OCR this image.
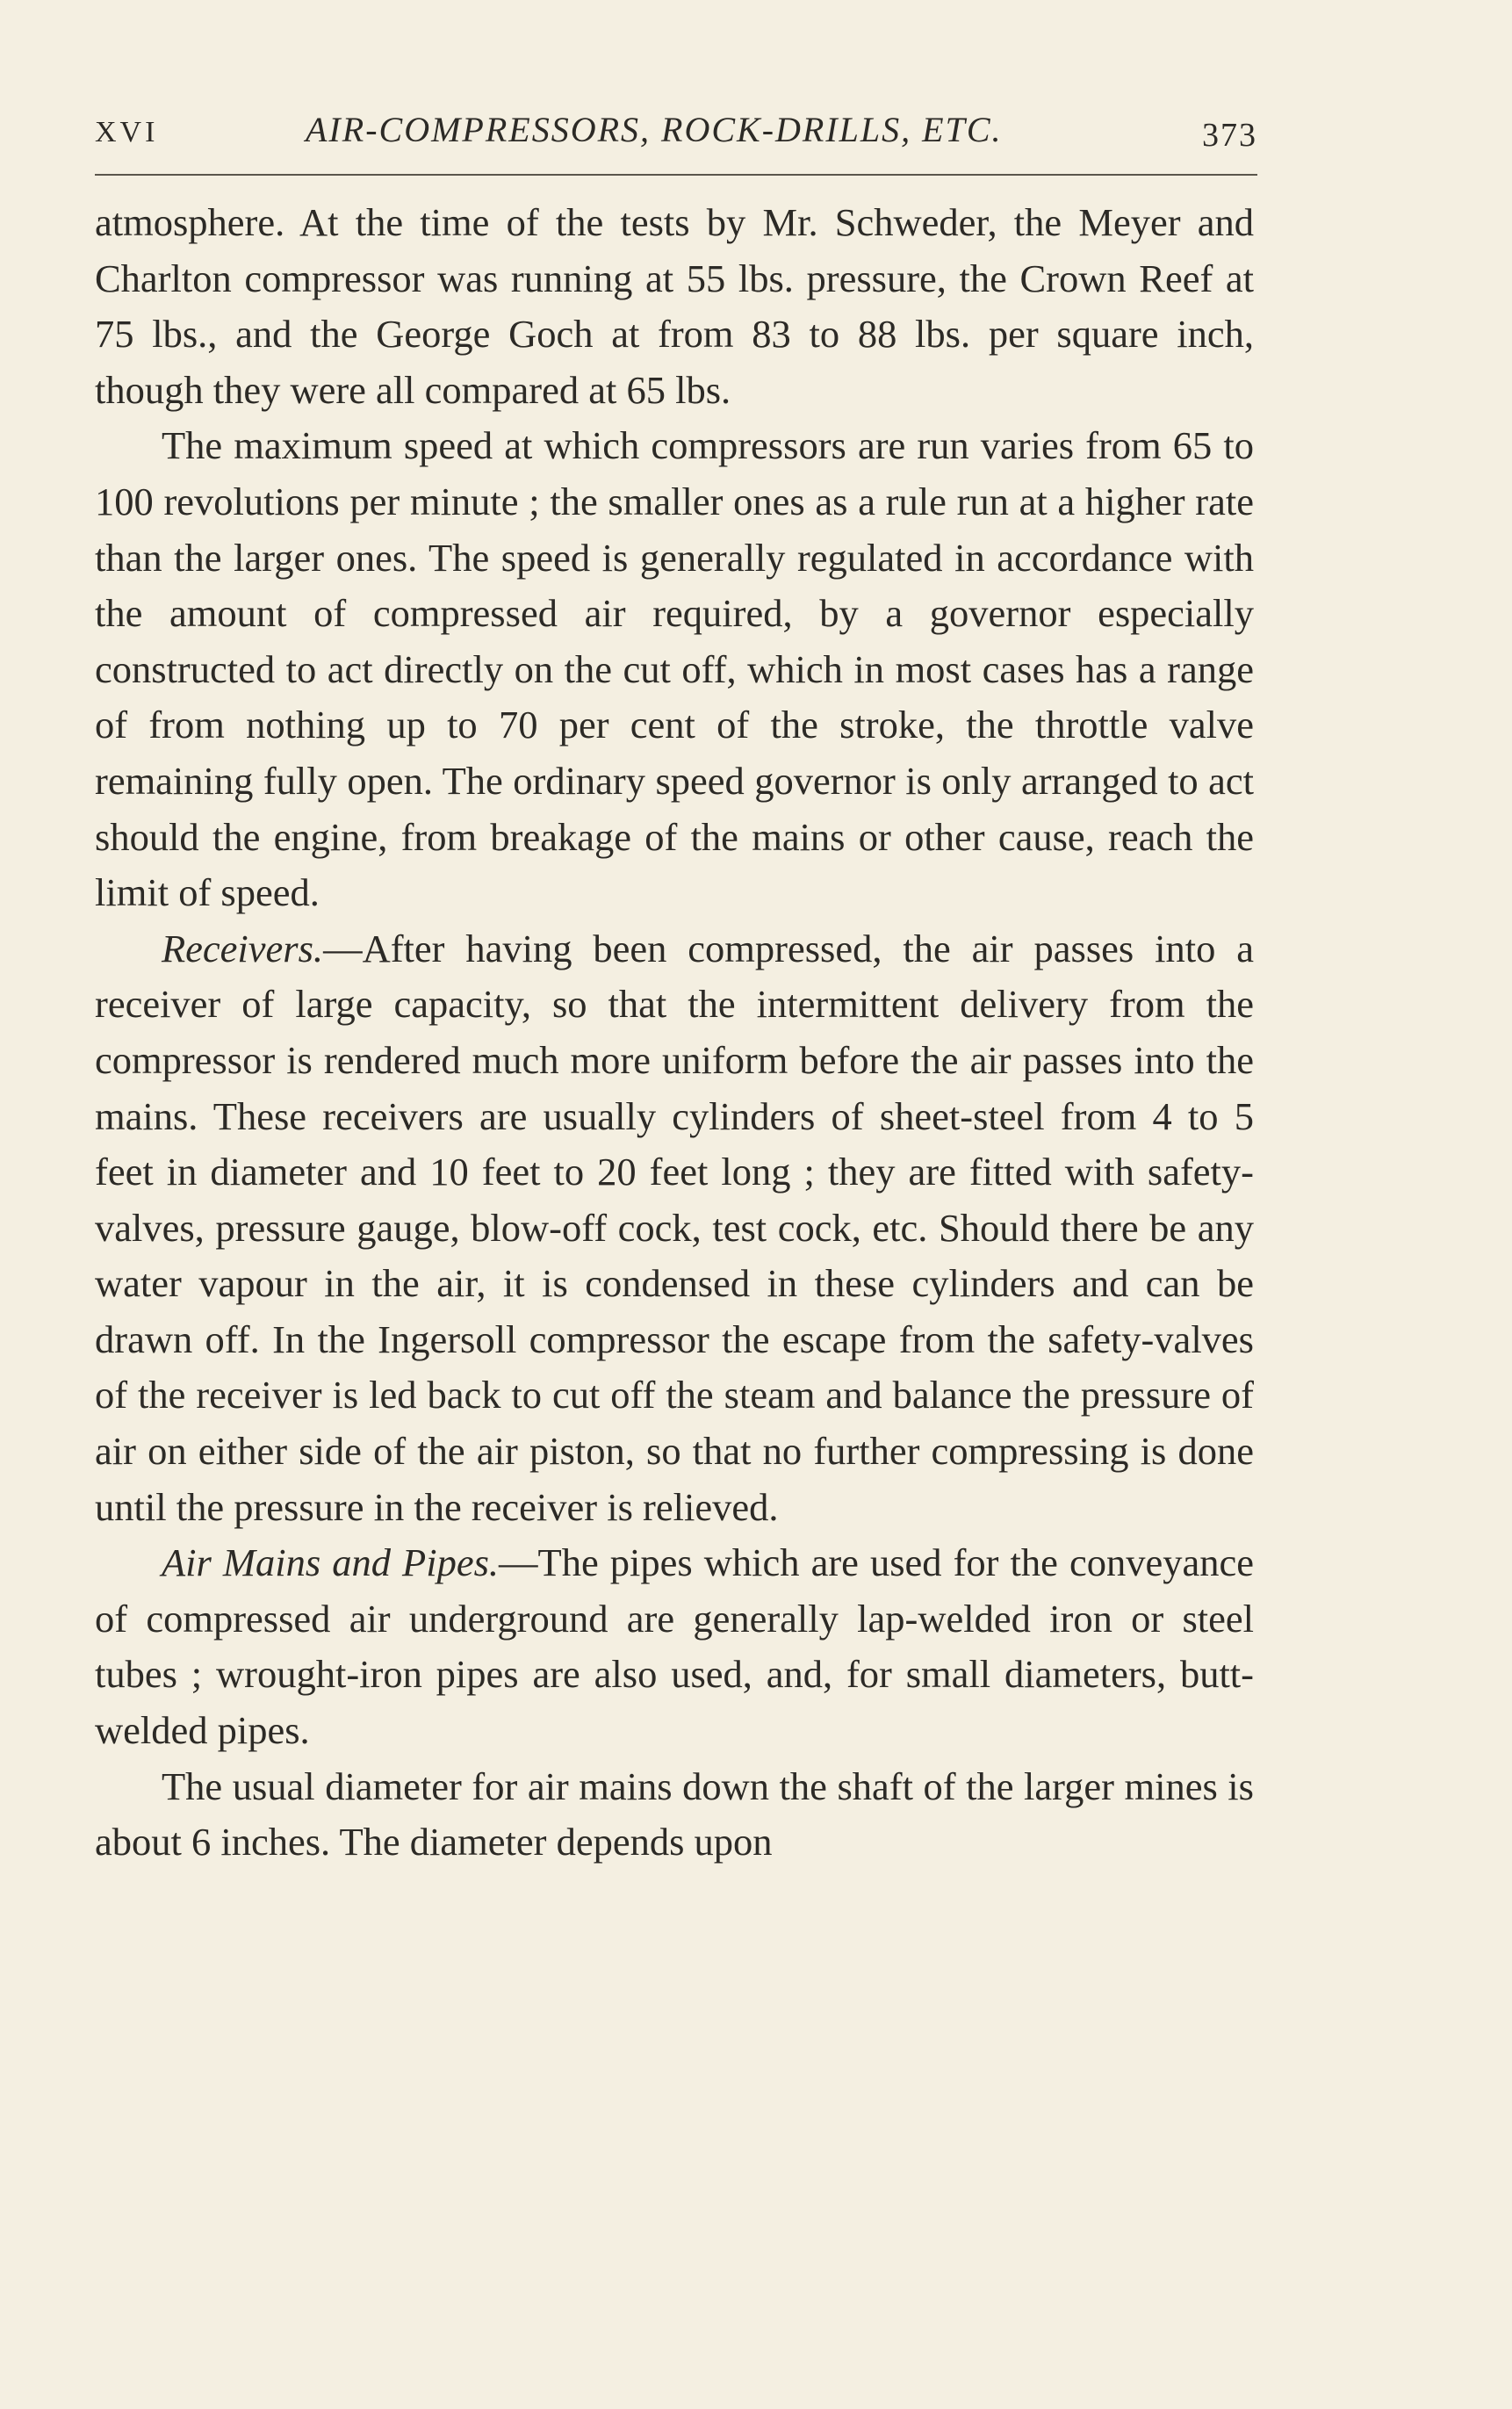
XVI	AIR-COMPRESSORS, ROCK-DRILLS, ETC.	373

atmosphere. At the time of the tests by Mr. Schweder, the Meyer and Charlton compressor was running at 55 lbs. pressure, the Crown Reef at 75 lbs., and the George Goch at from 83 to 88 lbs. per square inch, though they were all compared at 65 lbs.

The maximum speed at which compressors are run varies from 65 to 100 revolutions per minute ; the smaller ones as a rule run at a higher rate than the larger ones. The speed is generally regulated in accordance with the amount of compressed air required, by a governor especially constructed to act directly on the cut off, which in most cases has a range of from nothing up to 70 per cent of the stroke, the throttle valve remaining fully open. The ordinary speed governor is only arranged to act should the engine, from breakage of the mains or other cause, reach the limit of speed.

Receivers.—After having been compressed, the air passes into a receiver of large capacity, so that the intermittent delivery from the compressor is rendered much more uniform before the air passes into the mains. These receivers are usually cylinders of sheet-steel from 4 to 5 feet in diameter and 10 feet to 20 feet long ; they are fitted with safety-valves, pressure gauge, blow-off cock, test cock, etc. Should there be any water vapour in the air, it is condensed in these cylinders and can be drawn off. In the Ingersoll compressor the escape from the safety-valves of the receiver is led back to cut off the steam and balance the pressure of air on either side of the air piston, so that no further compressing is done until the pressure in the receiver is relieved.

Air Mains and Pipes.—The pipes which are used for the conveyance of compressed air underground are generally lap-welded iron or steel tubes ; wrought-iron pipes are also used, and, for small diameters, butt-welded pipes.

The usual diameter for air mains down the shaft of the larger mines is about 6 inches. The diameter depends upon
